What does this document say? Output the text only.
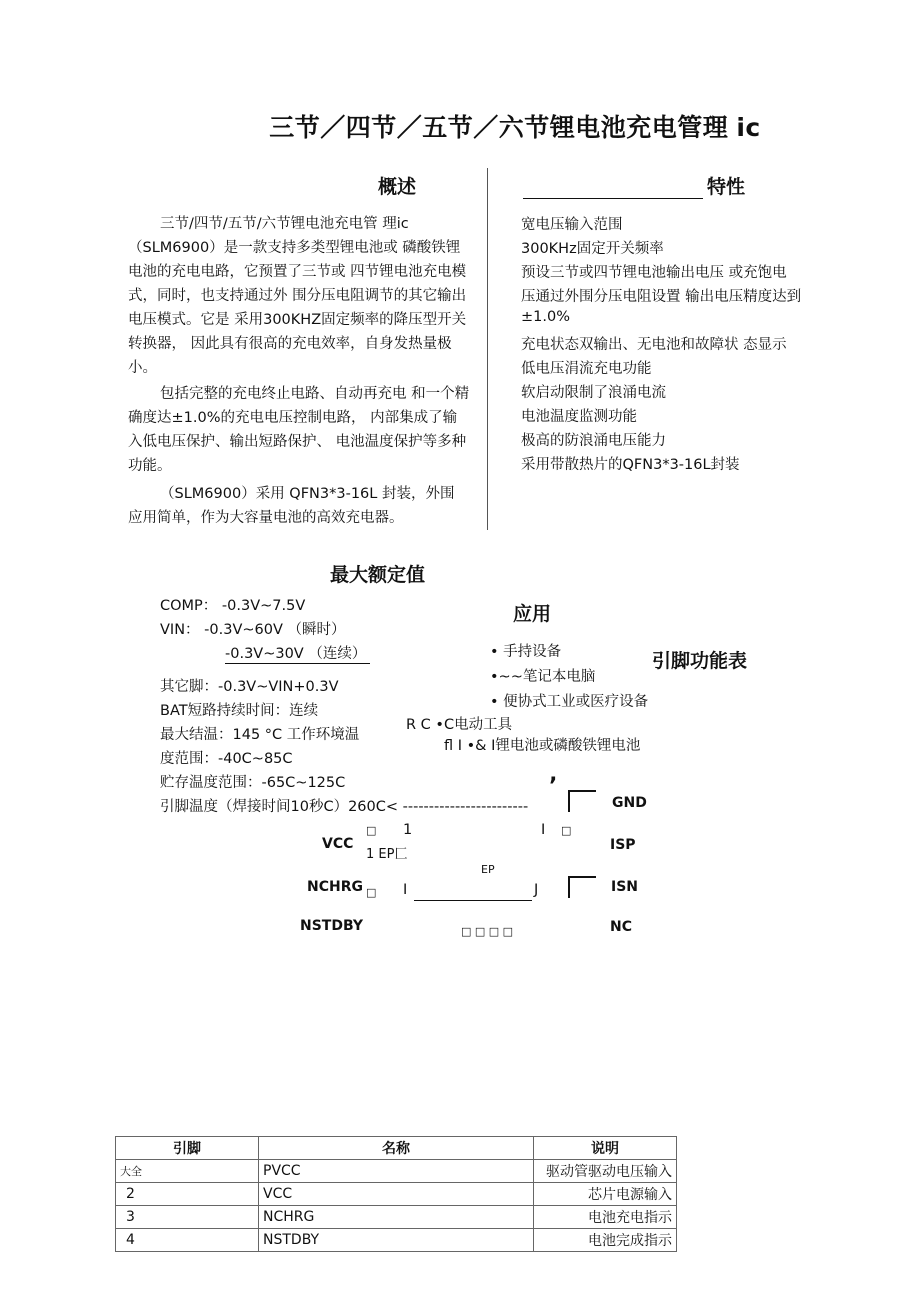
三节／四节／五节／六节锂电池充电管理 ic
概述
三节/四节/五节/六节锂电池充电管 理ic （SLM6900）是一款支持多类型锂电池或 磷酸铁锂电池的充电电路，它预置了三节或 四节锂电池充电模式，同时，也支持通过外 围分压电阻调节的其它输出电压模式。它是 采用300KHZ固定频率的降压型开关转换器， 因此具有很高的充电效率，自身发热量极小。
包括完整的充电终止电路、自动再充电 和一个精确度达±1.0%的充电电压控制电路， 内部集成了输入低电压保护、输出短路保护、 电池温度保护等多种功能。
（SLM6900）采用 QFN3*3-16L 封装，外围 应用简单，作为大容量电池的高效充电器。
特性
宽电压输入范围
300KHz固定开关频率
预设三节或四节锂电池输出电压 或充饱电
压通过外围分压电阻设置 输出电压精度达到
±1.0%
充电状态双输出、无电池和故障状 态显示
低电压涓流充电功能
软启动限制了浪涌电流
电池温度监测功能
极高的防浪涌电压能力
采用带散热片的QFN3*3-16L封装
最大额定值
COMP： -0.3V~7.5V
VIN： -0.3V~60V （瞬时）
-0.3V~30V （连续）
其它脚：-0.3V~VIN+0.3V
BAT短路持续时间：连续
最大结温：145 °C 工作环境温
度范围：-40C~85C
贮存温度范围：-65C~125C
引脚温度（焊接时间10秒C）260C< ------------------------
应用
• 手持设备
•~~笔记本电脑
• 便协式工业或医疗设备
R C •C电动工具
fl I •& I锂电池或磷酸铁锂电池
引脚功能表
’
GND
□ 1	I □
VCC
1 EP匚
ISP
EP
NCHRG □ I	J	ISN
NSTDBY	□ □ □ □	NC
引脚	名称	说明
大全	PVCC	驱动管驱动电压输入
2	VCC	芯片电源输入
3	NCHRG	电池充电指示
4	NSTDBY	电池完成指示
